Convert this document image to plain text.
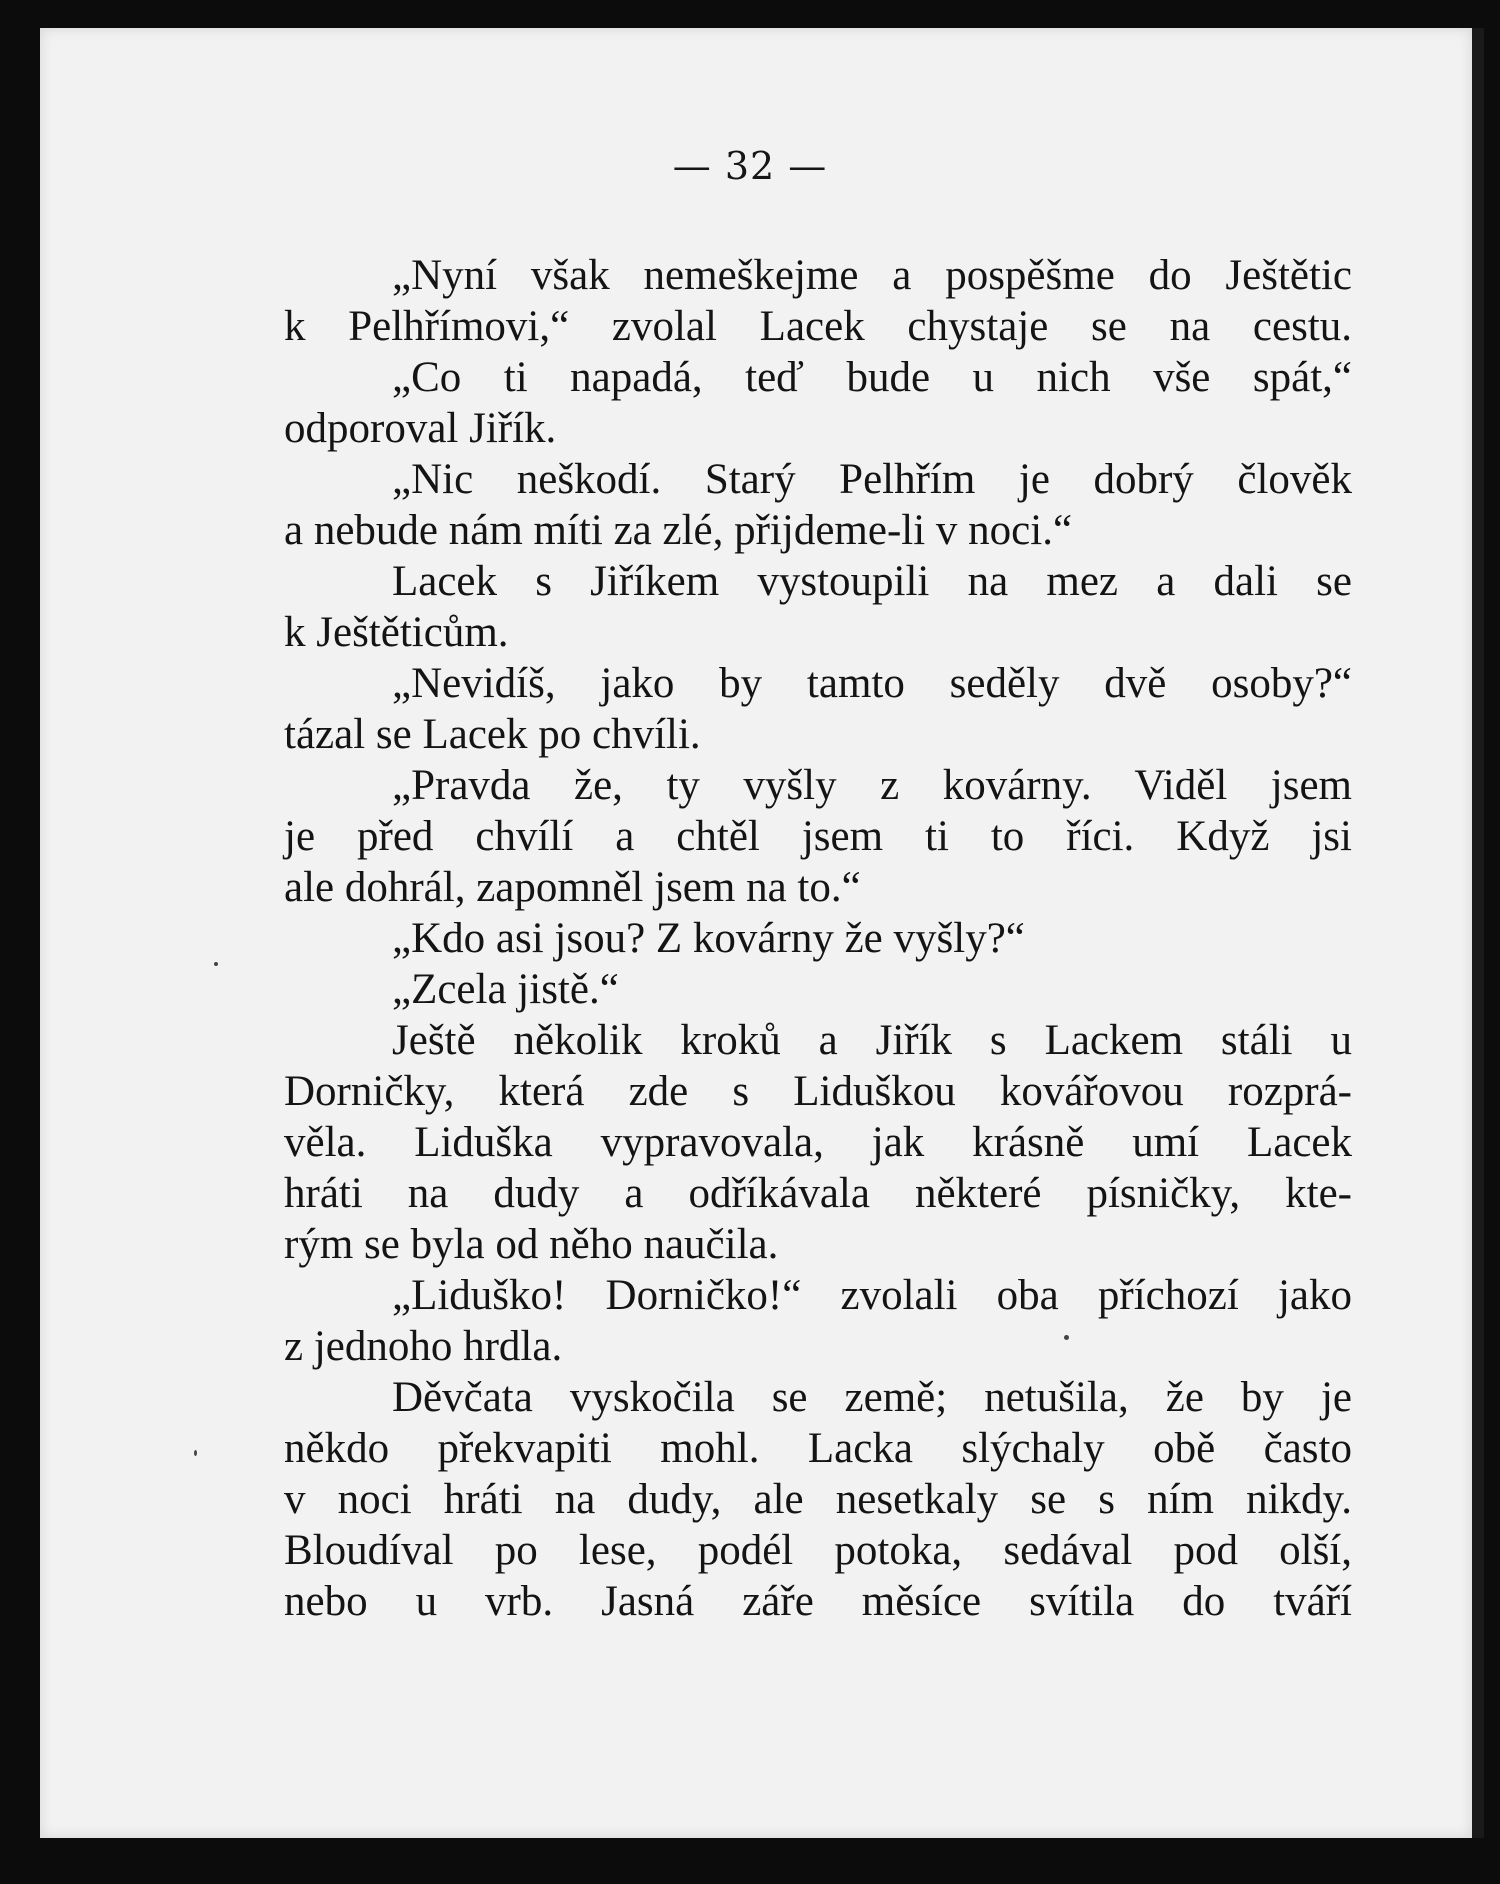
— 32 —
„Nyní však nemeškejme a pospěšme do Ještětic
k Pelhřímovi,“ zvolal Lacek chystaje se na cestu.
„Co ti napadá, teď bude u nich vše spát,“
odporoval Jiřík.
„Nic neškodí. Starý Pelhřím je dobrý člověk
a nebude nám míti za zlé, přijdeme-li v noci.“
Lacek s Jiříkem vystoupili na mez a dali se
k Ještěticům.
„Nevidíš, jako by tamto seděly dvě osoby?“
tázal se Lacek po chvíli.
„Pravda že, ty vyšly z kovárny. Viděl jsem
je před chvílí a chtěl jsem ti to říci. Když jsi
ale dohrál, zapomněl jsem na to.“
„Kdo asi jsou? Z kovárny že vyšly?“
„Zcela jistě.“
Ještě několik kroků a Jiřík s Lackem stáli u
Dorničky, která zde s Liduškou kovářovou rozprá-
věla. Liduška vypravovala, jak krásně umí Lacek
hráti na dudy a odříkávala některé písničky, kte-
rým se byla od něho naučila.
„Liduško! Dorničko!“ zvolali oba příchozí jako
z jednoho hrdla.
Děvčata vyskočila se země; netušila, že by je
někdo překvapiti mohl. Lacka slýchaly obě často
v noci hráti na dudy, ale nesetkaly se s ním nikdy.
Bloudíval po lese, podél potoka, sedával pod olší,
nebo u vrb. Jasná záře měsíce svítila do tváří
